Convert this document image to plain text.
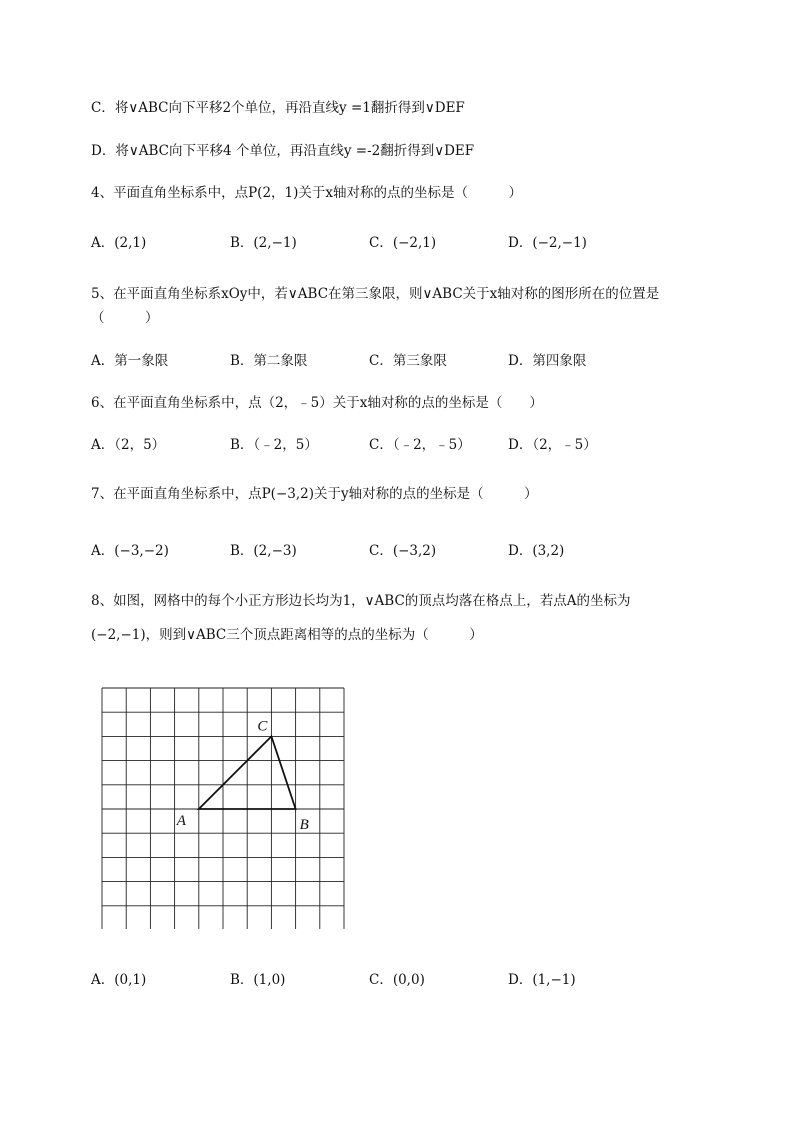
C．将∨ABC向下平移2个单位，再沿直线y =1翻折得到∨DEF
D．将∨ABC向下平移4 个单位，再沿直线y =-2翻折得到∨DEF
4、平面直角坐标系中，点P(2，1)关于x轴对称的点的坐标是（　　　）
A．(2,1)	B．(2,−1)	C．(−2,1)	D．(−2,−1)
5、在平面直角坐标系xOy中，若∨ABC在第三象限，则∨ABC关于x轴对称的图形所在的位置是
（　　　）
A．第一象限	B．第二象限	C．第三象限	D．第四象限
6、在平面直角坐标系中，点（2，﹣5）关于x轴对称的点的坐标是（　　）
A．（2，5）	B．（﹣2，5）	C．（﹣2，﹣5）	D．（2，﹣5）
7、在平面直角坐标系中，点P(−3,2)关于y轴对称的点的坐标是（　　　）
A．(−3,−2)	B．(2,−3)	C．(−3,2)	D．(3,2)
8、如图，网格中的每个小正方形边长均为1，∨ABC的顶点均落在格点上，若点A的坐标为
(−2,−1)，则到∨ABC三个顶点距离相等的点的坐标为（　　　）
A	B
C
A．(0,1)	B．(1,0)	C．(0,0)	D．(1,−1)
